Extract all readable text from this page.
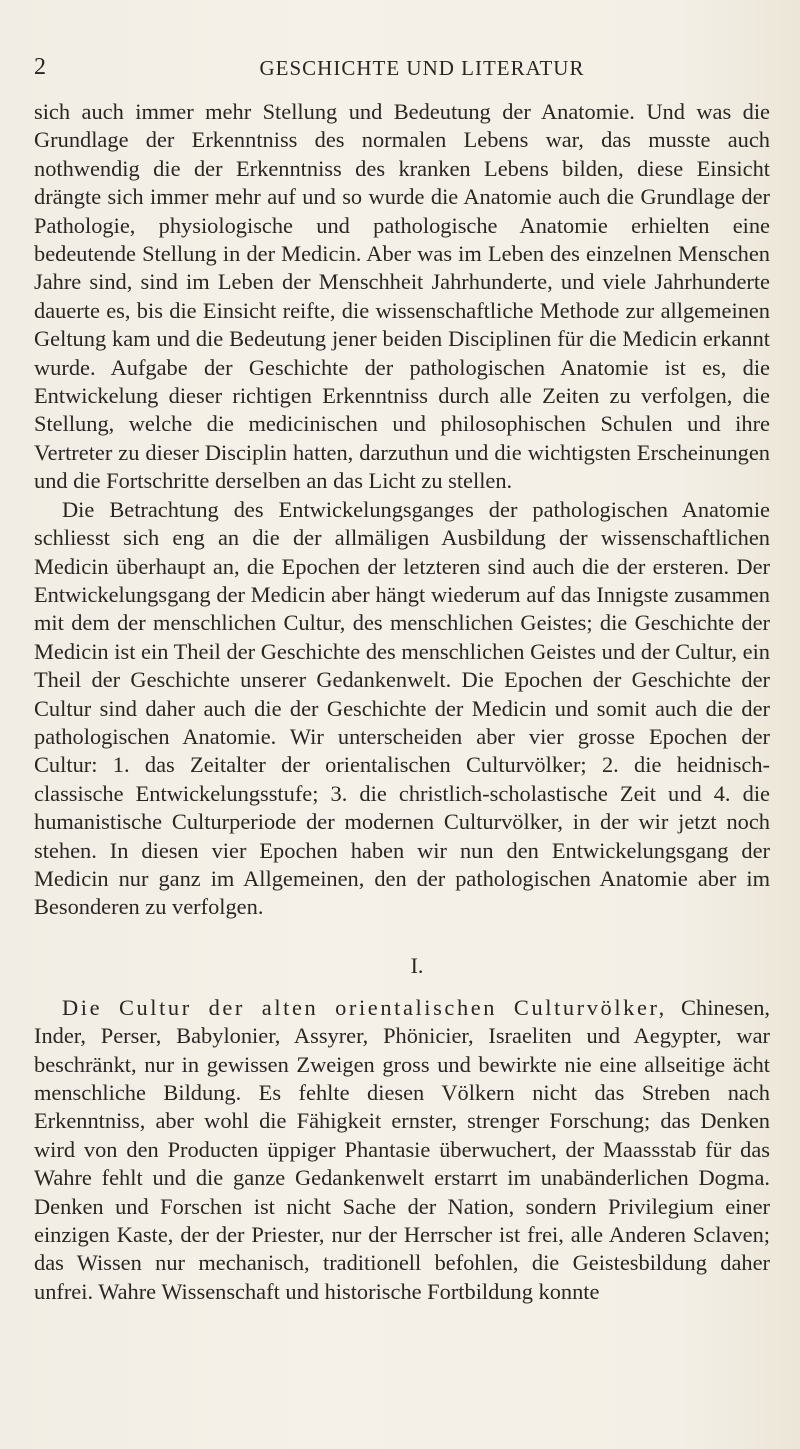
2	GESCHICHTE UND LITERATUR

sich auch immer mehr Stellung und Bedeutung der Anatomie. Und was die Grundlage der Erkenntniss des normalen Lebens war, das musste auch nothwendig die der Erkenntniss des kranken Lebens bilden, diese Einsicht drängte sich immer mehr auf und so wurde die Anatomie auch die Grundlage der Pathologie, physiologische und pathologische Anatomie erhielten eine bedeutende Stellung in der Medicin. Aber was im Leben des einzelnen Menschen Jahre sind, sind im Leben der Menschheit Jahrhunderte, und viele Jahrhunderte dauerte es, bis die Einsicht reifte, die wissenschaftliche Methode zur allgemeinen Geltung kam und die Bedeutung jener beiden Disciplinen für die Medicin erkannt wurde. Aufgabe der Geschichte der pathologischen Anatomie ist es, die Entwickelung dieser richtigen Erkenntniss durch alle Zeiten zu verfolgen, die Stellung, welche die medicinischen und philosophischen Schulen und ihre Vertreter zu dieser Disciplin hatten, darzuthun und die wichtigsten Erscheinungen und die Fortschritte derselben an das Licht zu stellen.

Die Betrachtung des Entwickelungsganges der pathologischen Anatomie schliesst sich eng an die der allmäligen Ausbildung der wissenschaftlichen Medicin überhaupt an, die Epochen der letzteren sind auch die der ersteren. Der Entwickelungsgang der Medicin aber hängt wiederum auf das Innigste zusammen mit dem der menschlichen Cultur, des menschlichen Geistes; die Geschichte der Medicin ist ein Theil der Geschichte des menschlichen Geistes und der Cultur, ein Theil der Geschichte unserer Gedankenwelt. Die Epochen der Geschichte der Cultur sind daher auch die der Geschichte der Medicin und somit auch die der pathologischen Anatomie. Wir unterscheiden aber vier grosse Epochen der Cultur: 1. das Zeitalter der orientalischen Culturvölker; 2. die heidnisch-classische Entwickelungsstufe; 3. die christlich-scholastische Zeit und 4. die humanistische Culturperiode der modernen Culturvölker, in der wir jetzt noch stehen. In diesen vier Epochen haben wir nun den Entwickelungsgang der Medicin nur ganz im Allgemeinen, den der pathologischen Anatomie aber im Besonderen zu verfolgen.

I.

Die Cultur der alten orientalischen Culturvölker, Chinesen, Inder, Perser, Babylonier, Assyrer, Phönicier, Israeliten und Aegypter, war beschränkt, nur in gewissen Zweigen gross und bewirkte nie eine allseitige ächt menschliche Bildung. Es fehlte diesen Völkern nicht das Streben nach Erkenntniss, aber wohl die Fähigkeit ernster, strenger Forschung; das Denken wird von den Producten üppiger Phantasie überwuchert, der Maassstab für das Wahre fehlt und die ganze Gedankenwelt erstarrt im unabänderlichen Dogma. Denken und Forschen ist nicht Sache der Nation, sondern Privilegium einer einzigen Kaste, der der Priester, nur der Herrscher ist frei, alle Anderen Sclaven; das Wissen nur mechanisch, traditionell befohlen, die Geistesbildung daher unfrei. Wahre Wissenschaft und historische Fortbildung konnte
